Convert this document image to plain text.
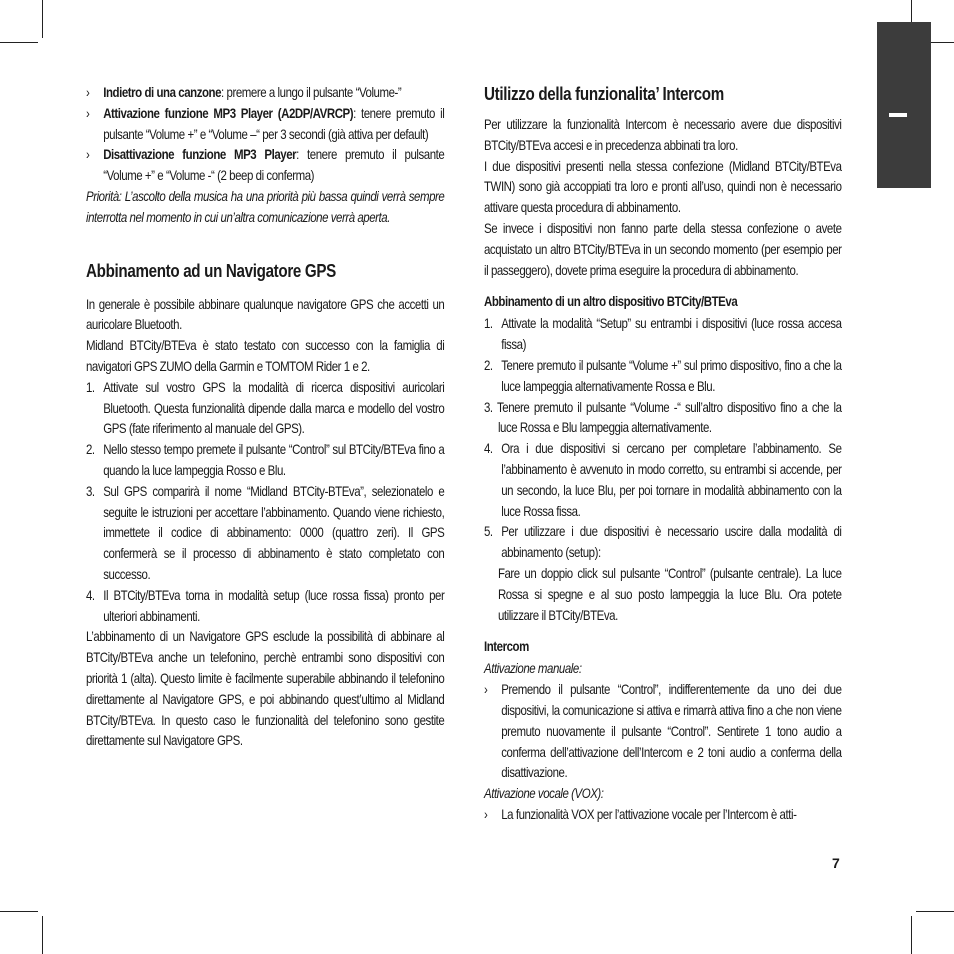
› Indietro di una canzone: premere a lungo il pulsante “Volume-”
› Attivazione funzione MP3 Player (A2DP/AVRCP): tenere premuto il pulsante “Volume +” e “Volume –“ per 3 secondi (già attiva per default)
› Disattivazione funzione MP3 Player: tenere premuto il pulsante “Volume +” e “Volume -“ (2 beep di conferma)

Priorità: L’ascolto della musica ha una priorità più bassa quindi verrà sempre interrotta nel momento in cui un’altra comunicazione verrà aperta.

Abbinamento ad un Navigatore GPS

In generale è possibile abbinare qualunque navigatore GPS che accetti un auricolare Bluetooth.

Midland BTCity/BTEva è stato testato con successo con la famiglia di navigatori GPS ZUMO della Garmin e TOMTOM Rider 1 e 2.

1. Attivate sul vostro GPS la modalità di ricerca dispositivi auricolari Bluetooth. Questa funzionalità dipende dalla marca e modello del vostro GPS (fate riferimento al manuale del GPS).
2. Nello stesso tempo premete il pulsante “Control” sul BTCity/BTEva fino a quando la luce lampeggia Rosso e Blu.
3. Sul GPS comparirà il nome “Midland BTCity-BTEva”, selezionatelo e seguite le istruzioni per accettare l’abbinamento. Quando viene richiesto, immettete il codice di abbinamento: 0000 (quattro zeri). Il GPS confermerà se il processo di abbinamento è stato completato con successo.
4. Il BTCity/BTEva torna in modalità setup (luce rossa fissa) pronto per ulteriori abbinamenti.

L’abbinamento di un Navigatore GPS esclude la possibilità di abbinare al BTCity/BTEva anche un telefonino, perchè entrambi sono dispositivi con priorità 1 (alta). Questo limite è facilmente superabile abbinando il telefonino direttamente al Navigatore GPS, e poi abbinando quest’ultimo al Midland BTCity/BTEva. In questo caso le funzionalità del telefonino sono gestite direttamente sul Navigatore GPS.

Utilizzo della funzionalita’ Intercom

Per utilizzare la funzionalità Intercom è necessario avere due dispositivi BTCity/BTEva accesi e in precedenza abbinati tra loro.

I due dispositivi presenti nella stessa confezione (Midland BTCity/BTEva TWIN) sono già accoppiati tra loro e pronti all’uso, quindi non è necessario attivare questa procedura di abbinamento.

Se invece i dispositivi non fanno parte della stessa confezione o avete acquistato un altro BTCity/BTEva in un secondo momento (per esempio per il passeggero), dovete prima eseguire la procedura di abbinamento.

Abbinamento di un altro dispositivo BTCity/BTEva
1. Attivate la modalità “Setup” su entrambi i dispositivi (luce rossa accesa fissa)
2. Tenere premuto il pulsante “Volume +” sul primo dispositivo, fino a che la luce lampeggia alternativamente Rossa e Blu.
3. Tenere premuto il pulsante “Volume -“ sull’altro dispositivo fino a che la luce Rossa e Blu lampeggia alternativamente.
4. Ora i due dispositivi si cercano per completare l’abbinamento. Se l’abbinamento è avvenuto in modo corretto, su entrambi si accende, per un secondo, la luce Blu, per poi tornare in modalità abbinamento con la luce Rossa fissa.
5. Per utilizzare i due dispositivi è necessario uscire dalla modalità di abbinamento (setup):

Fare un doppio click sul pulsante “Control” (pulsante centrale). La luce Rossa si spegne e al suo posto lampeggia la luce Blu. Ora potete utilizzare il BTCity/BTEva.

Intercom

Attivazione manuale:

› Premendo il pulsante “Control”, indifferentemente da uno dei due dispositivi, la comunicazione si attiva e rimarrà attiva fino a che non viene premuto nuovamente il pulsante “Control”. Sentirete 1 tono audio a conferma dell’attivazione dell’Intercom e 2 toni audio a conferma della disattivazione.

Attivazione vocale (VOX):

› La funzionalità VOX per l’attivazione vocale per l’Intercom è atti-
7
